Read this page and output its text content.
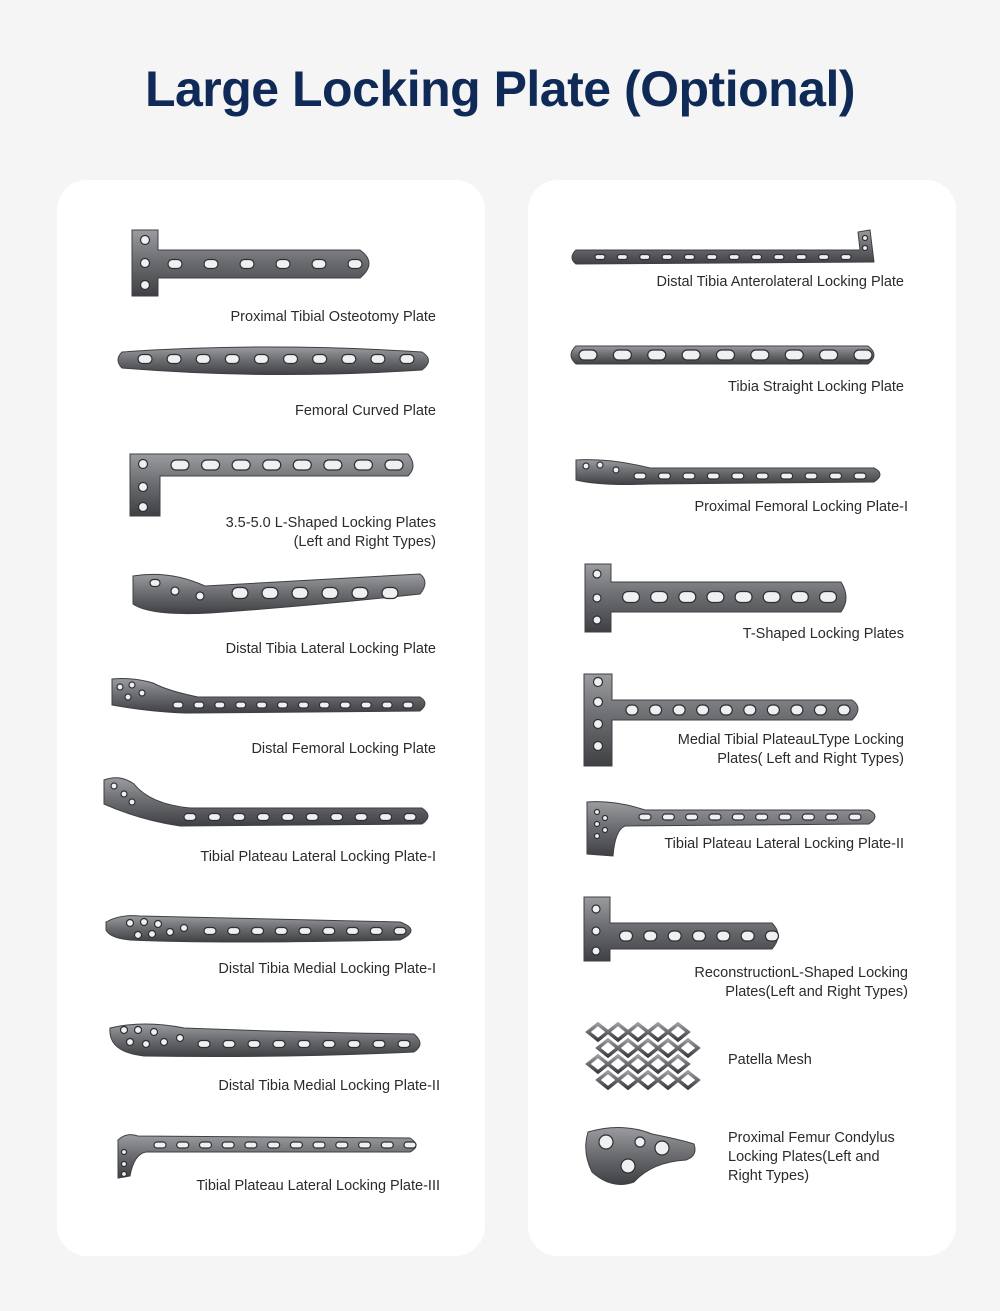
Large Locking Plate (Optional)
Proximal Tibial Osteotomy Plate
Femoral Curved Plate
3.5-5.0 L-Shaped Locking Plates
(Left and Right Types)
Distal Tibia Lateral Locking Plate
Distal Femoral Locking Plate
Tibial Plateau Lateral Locking Plate-I
Distal Tibia Medial Locking Plate-I
Distal Tibia Medial Locking Plate-II
Tibial Plateau Lateral Locking Plate-III
Distal Tibia Anterolateral Locking Plate
Tibia Straight Locking Plate
Proximal Femoral Locking Plate-I
T-Shaped Locking Plates
Medial Tibial PlateauLType Locking
Plates( Left and Right Types)
Tibial Plateau Lateral Locking Plate-II
ReconstructionL-Shaped Locking
Plates(Left and Right Types)
Patella Mesh
Proximal Femur Condylus
Locking Plates(Left and
Right Types)
